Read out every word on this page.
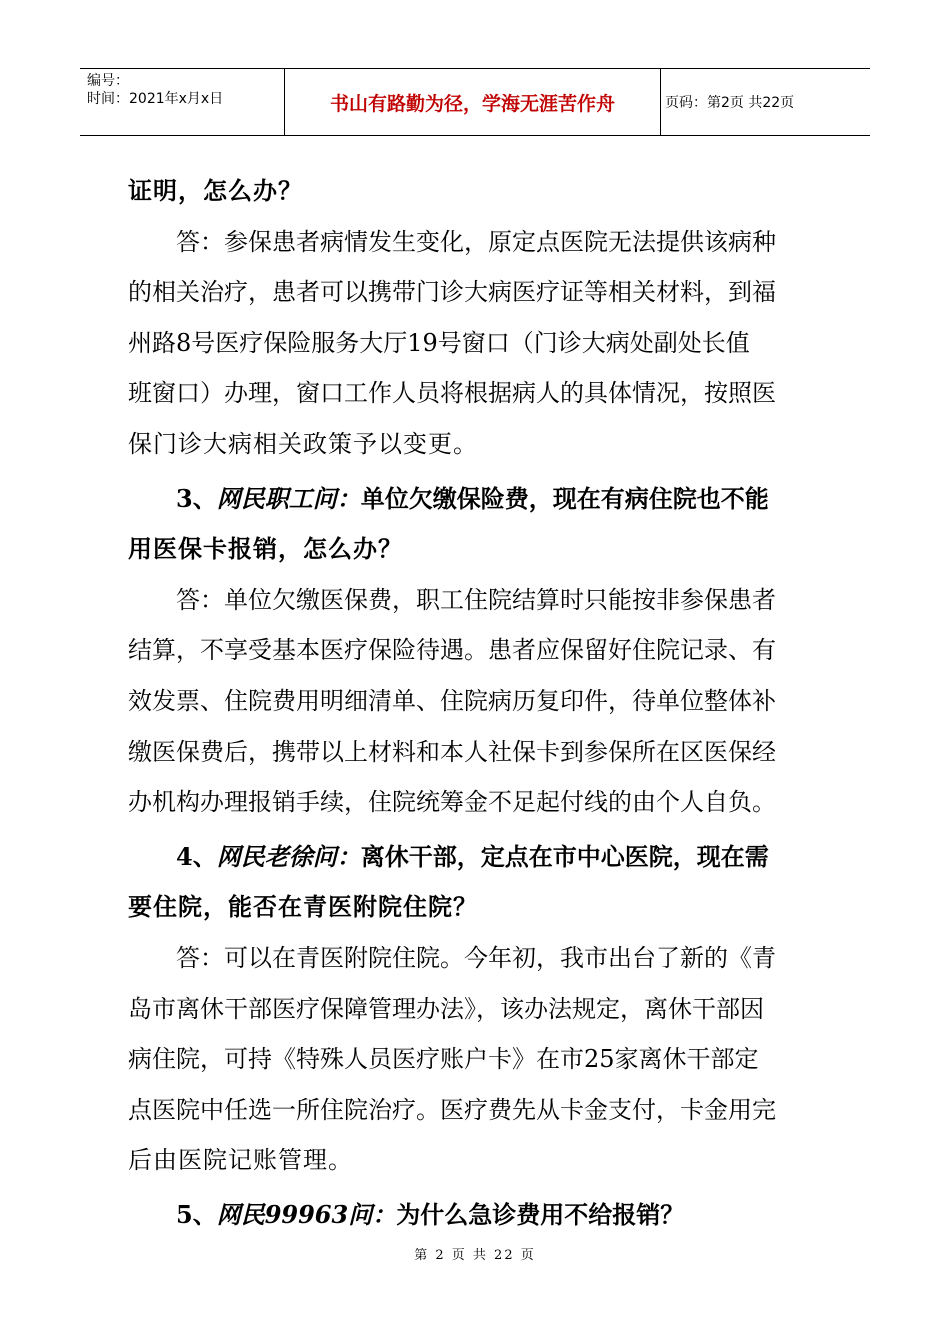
编号：
时间：2021年x月x日	书山有路勤为径，学海无涯苦作舟	页码：第2页 共22页
证明，怎么办？
答：参保患者病情发生变化，原定点医院无法提供该病种
的相关治疗，患者可以携带门诊大病医疗证等相关材料，到福
州路8号医疗保险服务大厅19号窗口（门诊大病处副处长值
班窗口）办理，窗口工作人员将根据病人的具体情况，按照医
保门诊大病相关政策予以变更。
3、 网民职工问： 单位欠缴保险费，现在有病住院也不能
用医保卡报销，怎么办？
答：单位欠缴医保费，职工住院结算时只能按非参保患者
结算，不享受基本医疗保险待遇。患者应保留好住院记录、有
效发票、住院费用明细清单、住院病历复印件，待单位整体补
缴医保费后，携带以上材料和本人社保卡到参保所在区医保经
办机构办理报销手续，住院统筹金不足起付线的由个人自负。
4、 网民老徐问： 离休干部，定点在市中心医院，现在需
要住院，能否在青医附院住院？
答：可以在青医附院住院。今年初，我市出台了新的《青
岛市离休干部医疗保障管理办法》，该办法规定，离休干部因
病住院，可持《特殊人员医疗账户卡》在市25家离休干部定
点医院中任选一所住院治疗。医疗费先从卡金支付，卡金用完
后由医院记账管理。
5、 网民99963问： 为什么急诊费用不给报销？
第 2 页 共 22 页
